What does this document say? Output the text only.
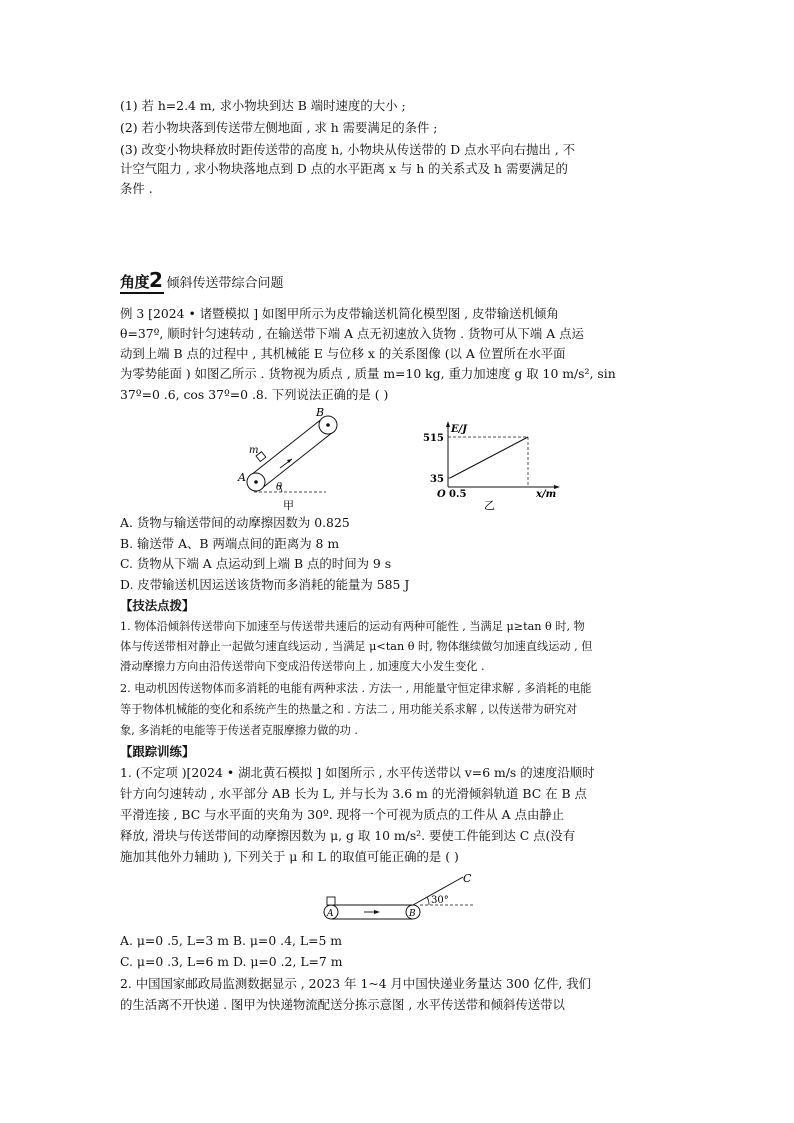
(1) 若 h=2.4 m, 求小物块到达 B 端时速度的大小 ;
(2) 若小物块落到传送带左侧地面 , 求 h 需要满足的条件 ;
(3) 改变小物块释放时距传送带的高度 h, 小物块从传送带的 D 点水平向右抛出 , 不
计空气阻力 , 求小物块落地点到 D 点的水平距离 x 与 h 的关系式及 h 需要满足的
条件 .
角度2 倾斜传送带综合问题
例 3 [2024 • 诸暨模拟 ] 如图甲所示为皮带输送机简化模型图 , 皮带输送机倾角
θ=37º, 顺时针匀速转动 , 在输送带下端 A 点无初速放入货物 . 货物可从下端 A 点运
动到上端 B 点的过程中 , 其机械能 E 与位移 x 的关系图像 (以 A 位置所在水平面
为零势能面 ) 如图乙所示 . 货物视为质点 , 质量 m=10 kg, 重力加速度 g 取 10 m/s², sin
37º=0 .6, cos 37º=0 .8. 下列说法正确的是 ( )
B
m
A
θ
甲
E/J
515
35
O 0.5	x/m
乙
A. 货物与输送带间的动摩擦因数为 0.825
B. 输送带 A、B 两端点间的距离为 8 m
C. 货物从下端 A 点运动到上端 B 点的时间为 9 s
D. 皮带输送机因运送该货物而多消耗的能量为 585 J
【技法点拨】
1. 物体沿倾斜传送带向下加速至与传送带共速后的运动有两种可能性 , 当满足 μ≥tan θ 时, 物
体与传送带相对静止一起做匀速直线运动 , 当满足 μ<tan θ 时, 物体继续做匀加速直线运动 , 但
滑动摩擦力方向由沿传送带向下变成沿传送带向上 , 加速度大小发生变化 .
2. 电动机因传送物体而多消耗的电能有两种求法 . 方法一 , 用能量守恒定律求解 , 多消耗的电能
等于物体机械能的变化和系统产生的热量之和 . 方法二 , 用功能关系求解 , 以传送带为研究对
象, 多消耗的电能等于传送者克服摩擦力做的功 .
【跟踪训练】
1. (不定项 )[2024 • 湖北黄石模拟 ] 如图所示 , 水平传送带以 v=6 m/s 的速度沿顺时
针方向匀速转动 , 水平部分 AB 长为 L, 并与长为 3.6 m 的光滑倾斜轨道 BC 在 B 点
平滑连接 , BC 与水平面的夹角为 30º. 现将一个可视为质点的工件从 A 点由静止
释放, 滑块与传送带间的动摩擦因数为 μ, g 取 10 m/s². 要使工件能到达 C 点(没有
施加其他外力辅助 ), 下列关于 μ 和 L 的取值可能正确的是 ( )
A	B
C
30°
A. μ=0 .5, L=3 m B. μ=0 .4, L=5 m
C. μ=0 .3, L=6 m D. μ=0 .2, L=7 m
2. 中国国家邮政局监测数据显示 , 2023 年 1~4 月中国快递业务量达 300 亿件, 我们
的生活离不开快递 . 图甲为快递物流配送分拣示意图 , 水平传送带和倾斜传送带以
